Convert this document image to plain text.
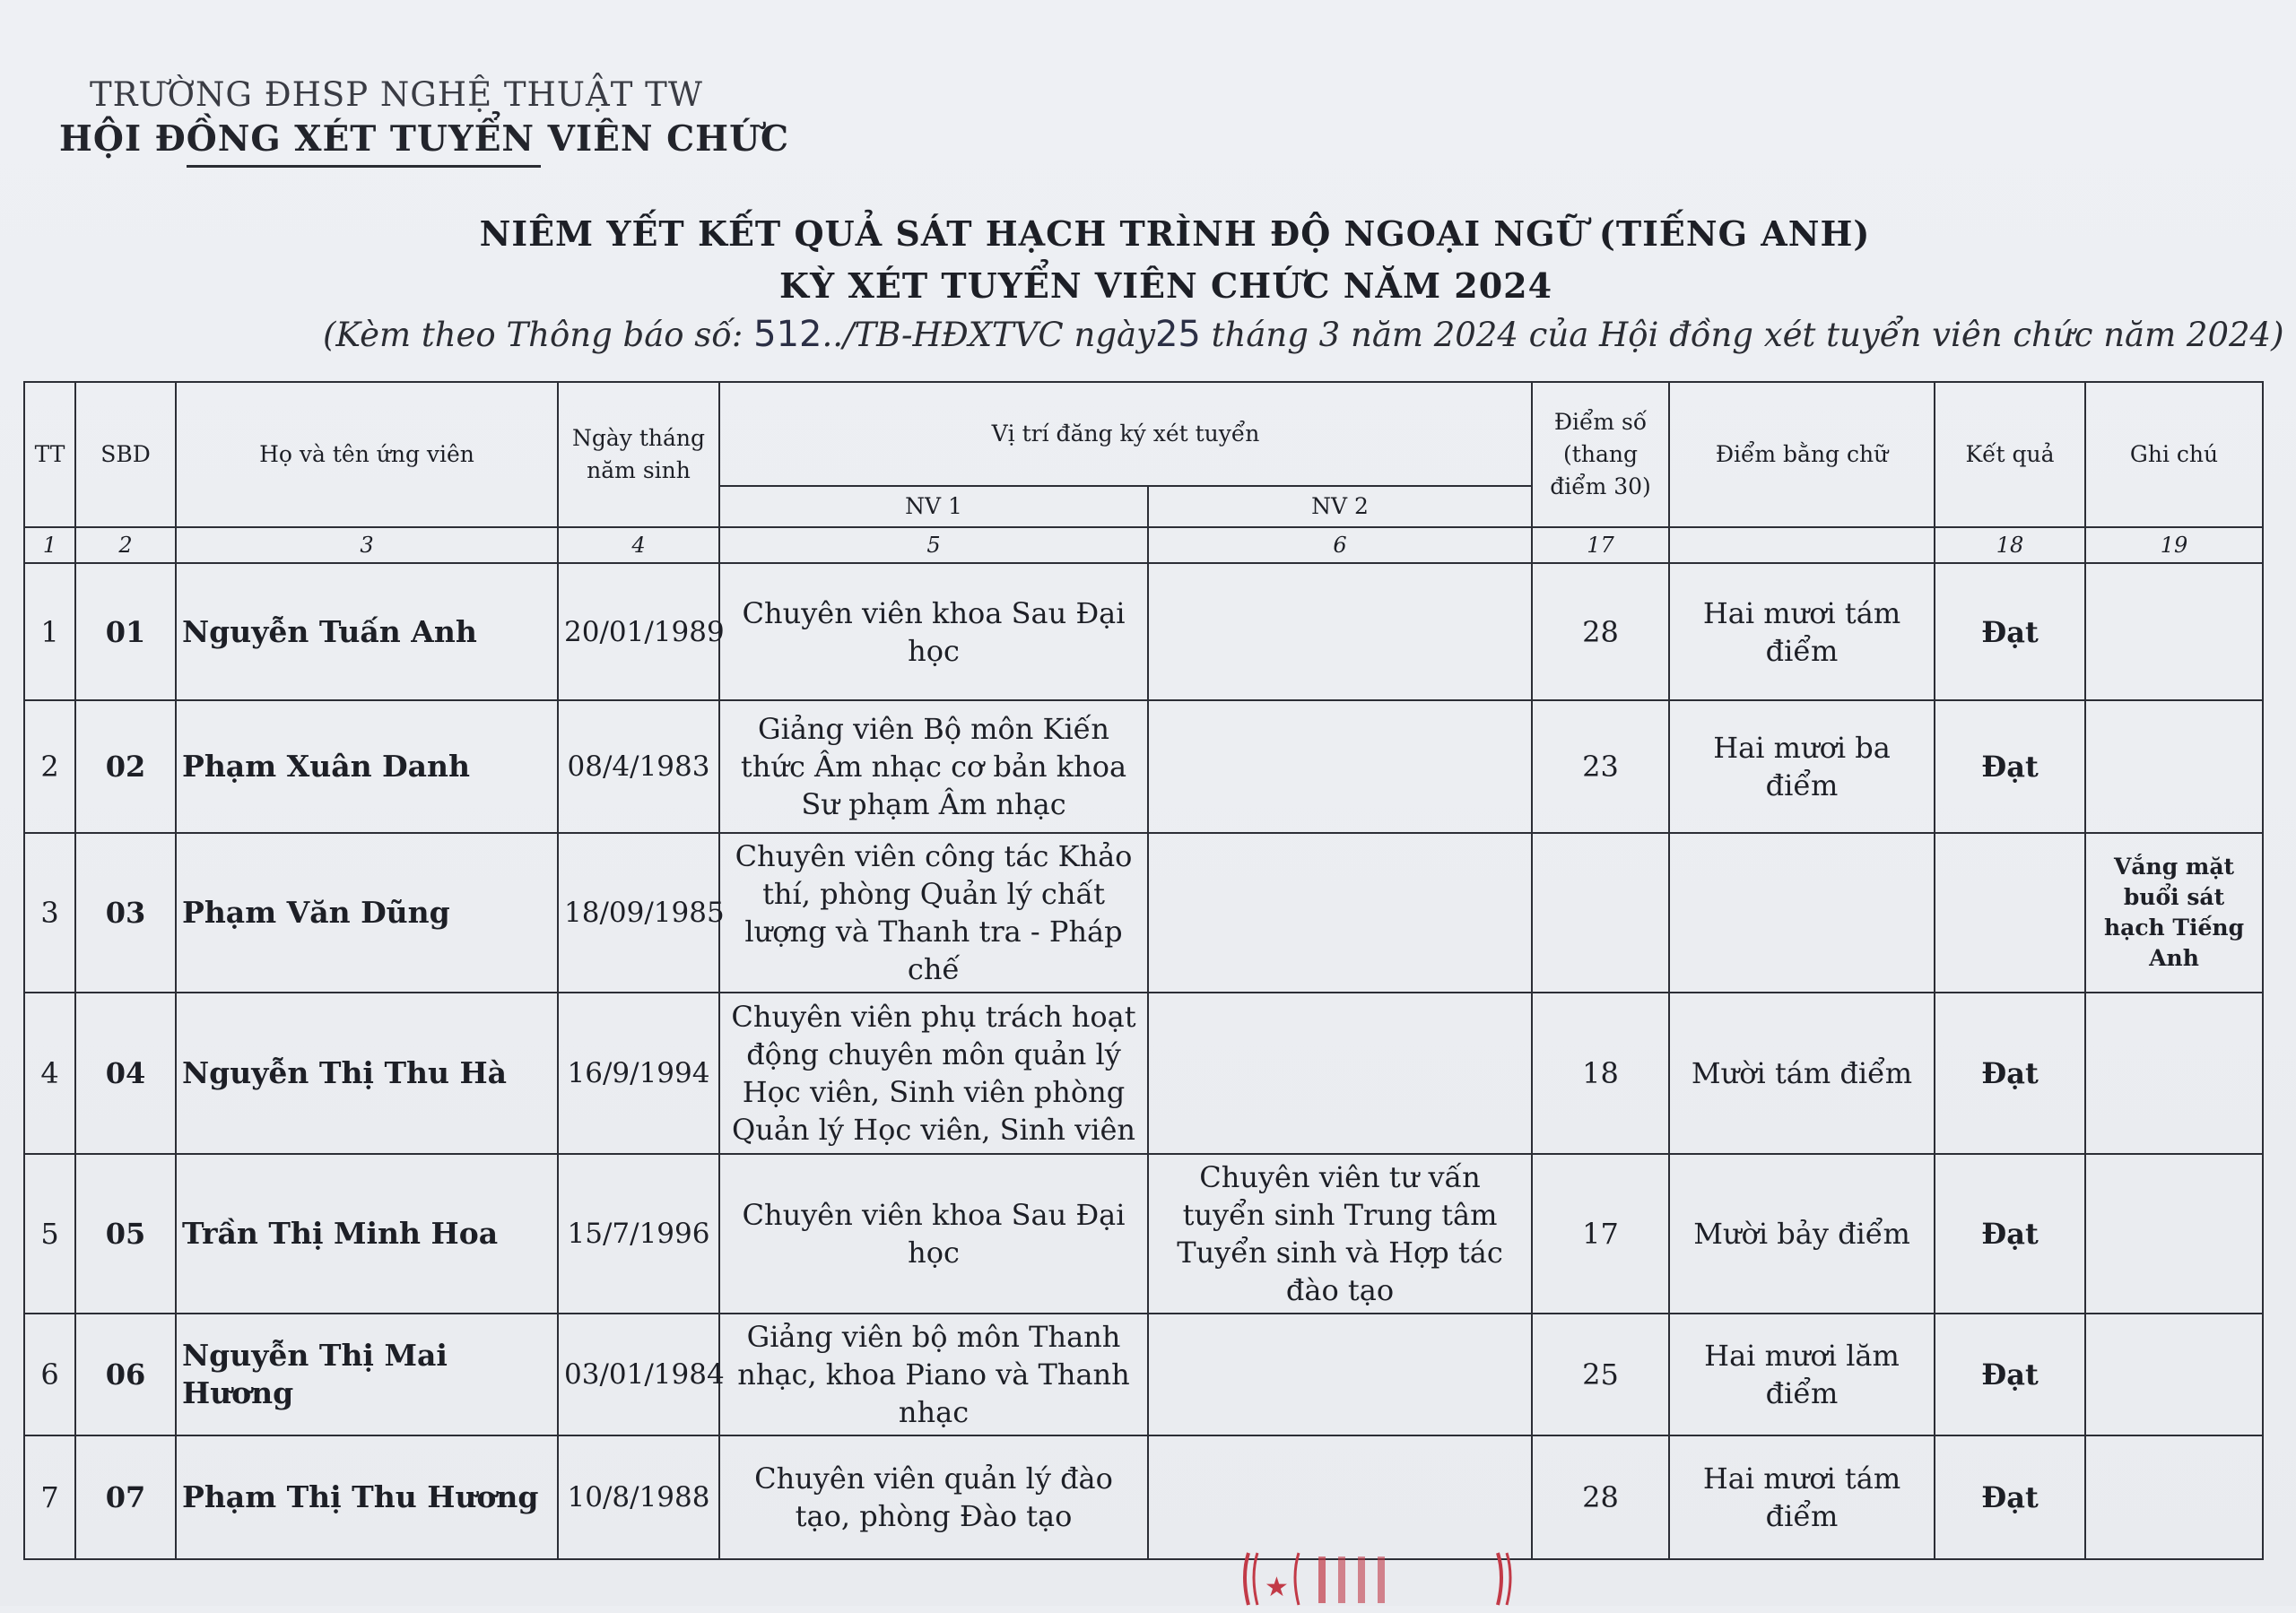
TRƯỜNG ĐHSP NGHỆ THUẬT TW
HỘI ĐỒNG XÉT TUYỂN VIÊN CHỨC
NIÊM YẾT KẾT QUẢ SÁT HẠCH TRÌNH ĐỘ NGOẠI NGỮ (TIẾNG ANH)
KỲ XÉT TUYỂN VIÊN CHỨC NĂM 2024
(Kèm theo Thông báo số: 512../TB-HĐXTVC ngày25 tháng 3 năm 2024 của Hội đồng xét tuyển viên chức năm 2024)
TT	SBD	Họ và tên ứng viên	Ngày tháng năm sinh	Vị trí đăng ký xét tuyển		Điểm số (thang điểm 30)	Điểm bằng chữ	Kết quả	Ghi chú
				NV 1	NV 2				
1	2	3	4	5	6	17		18	19
1	01	Nguyễn Tuấn Anh	20/01/1989	Chuyên viên khoa Sau Đại học		28	Hai mươi tám điểm	Đạt	
2	02	Phạm Xuân Danh	08/4/1983	Giảng viên Bộ môn Kiến thức Âm nhạc cơ bản khoa Sư phạm Âm nhạc		23	Hai mươi ba điểm	Đạt	
3	03	Phạm Văn Dũng	18/09/1985	Chuyên viên công tác Khảo thí, phòng Quản lý chất lượng và Thanh tra - Pháp chế					Vắng mặt buổi sát hạch Tiếng Anh
4	04	Nguyễn Thị Thu Hà	16/9/1994	Chuyên viên phụ trách hoạt động chuyên môn quản lý Học viên, Sinh viên phòng Quản lý Học viên, Sinh viên		18	Mười tám điểm	Đạt	
5	05	Trần Thị Minh Hoa	15/7/1996	Chuyên viên khoa Sau Đại học	Chuyên viên tư vấn tuyển sinh Trung tâm Tuyển sinh và Hợp tác đào tạo	17	Mười bảy điểm	Đạt	
6	06	Nguyễn Thị Mai Hương	03/01/1984	Giảng viên bộ môn Thanh nhạc, khoa Piano và Thanh nhạc		25	Hai mươi lăm điểm	Đạt	
7	07	Phạm Thị Thu Hương	10/8/1988	Chuyên viên quản lý đào tạo, phòng Đào tạo		28	Hai mươi tám điểm	Đạt	
★
